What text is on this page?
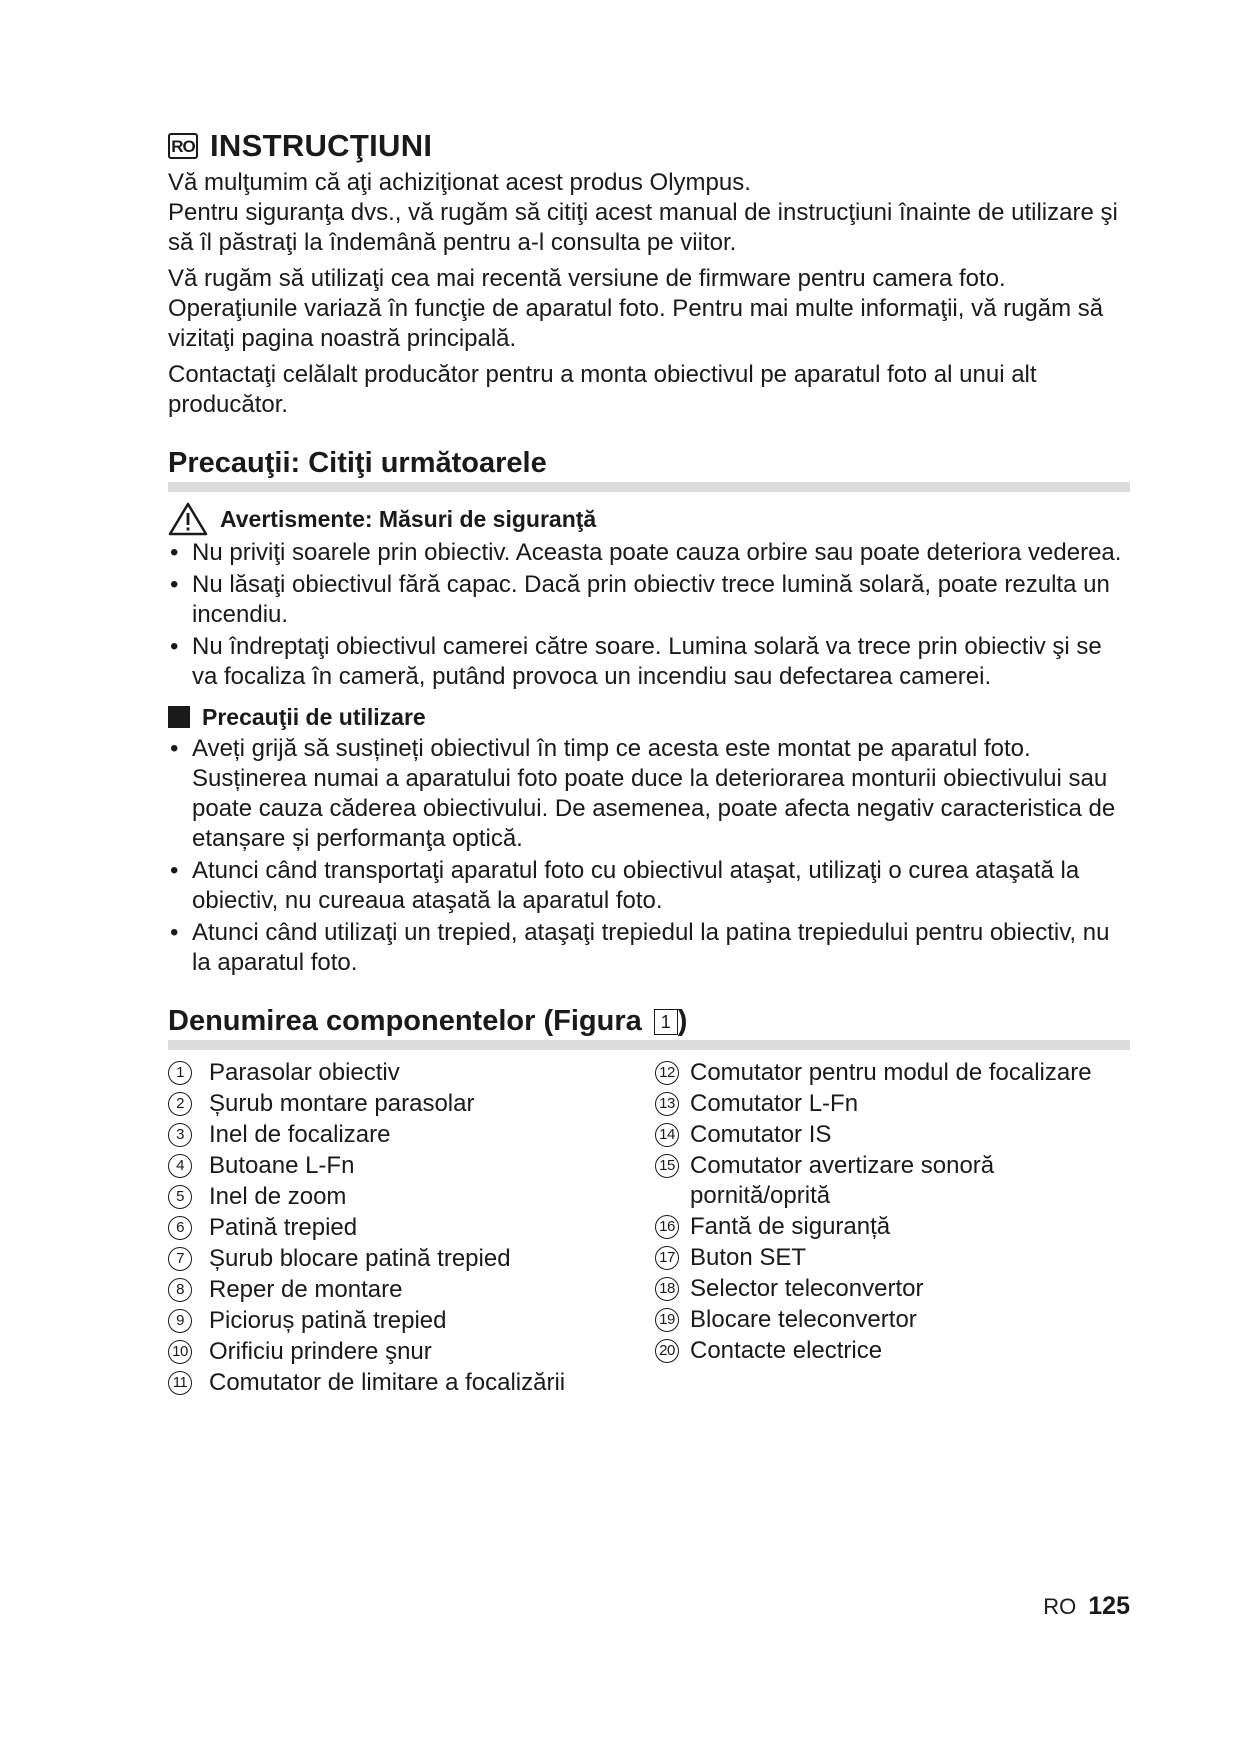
RO INSTRUCŢIUNI

Vă mulţumim că aţi achiziţionat acest produs Olympus.

Pentru siguranţa dvs., vă rugăm să citiţi acest manual de instrucţiuni înainte de utilizare şi să îl păstraţi la îndemână pentru a-l consulta pe viitor.

Vă rugăm să utilizaţi cea mai recentă versiune de firmware pentru camera foto. Operaţiunile variază în funcţie de aparatul foto. Pentru mai multe informaţii, vă rugăm să vizitaţi pagina noastră principală.

Contactaţi celălalt producător pentru a monta obiectivul pe aparatul foto al unui alt producător.

Precauţii: Citiţi următoarele
Avertismente: Măsuri de siguranţă
• Nu priviţi soarele prin obiectiv. Aceasta poate cauza orbire sau poate deteriora vederea.
• Nu lăsaţi obiectivul fără capac. Dacă prin obiectiv trece lumină solară, poate rezulta un incendiu.
• Nu îndreptaţi obiectivul camerei către soare. Lumina solară va trece prin obiectiv şi se va focaliza în cameră, putând provoca un incendiu sau defectarea camerei.
Precauţii de utilizare
• Aveți grijă să susțineți obiectivul în timp ce acesta este montat pe aparatul foto. Susținerea numai a aparatului foto poate duce la deteriorarea monturii obiectivului sau poate cauza căderea obiectivului. De asemenea, poate afecta negativ caracteristica de etanșare și performanţa optică.
• Atunci când transportaţi aparatul foto cu obiectivul ataşat, utilizaţi o curea ataşată la obiectiv, nu cureaua ataşată la aparatul foto.
• Atunci când utilizaţi un trepied, ataşaţi trepiedul la patina trepiedului pentru obiectiv, nu la aparatul foto.
Denumirea componentelor (Figura 1 )
1	Parasolar obiectiv
2	Șurub montare parasolar
3	Inel de focalizare
4	Butoane L-Fn
5	Inel de zoom
6	Patină trepied
7	Șurub blocare patină trepied
8	Reper de montare
9	Picioruș patină trepied
10 Orificiu prindere şnur
11 Comutator de limitare a focalizării
12 Comutator pentru modul de focalizare
13 Comutator L-Fn
14 Comutator IS
15 Comutator avertizare sonoră pornită/oprită
16 Fantă de siguranță
17 Buton SET
18 Selector teleconvertor
19 Blocare teleconvertor
20 Contacte electrice
RO 125
